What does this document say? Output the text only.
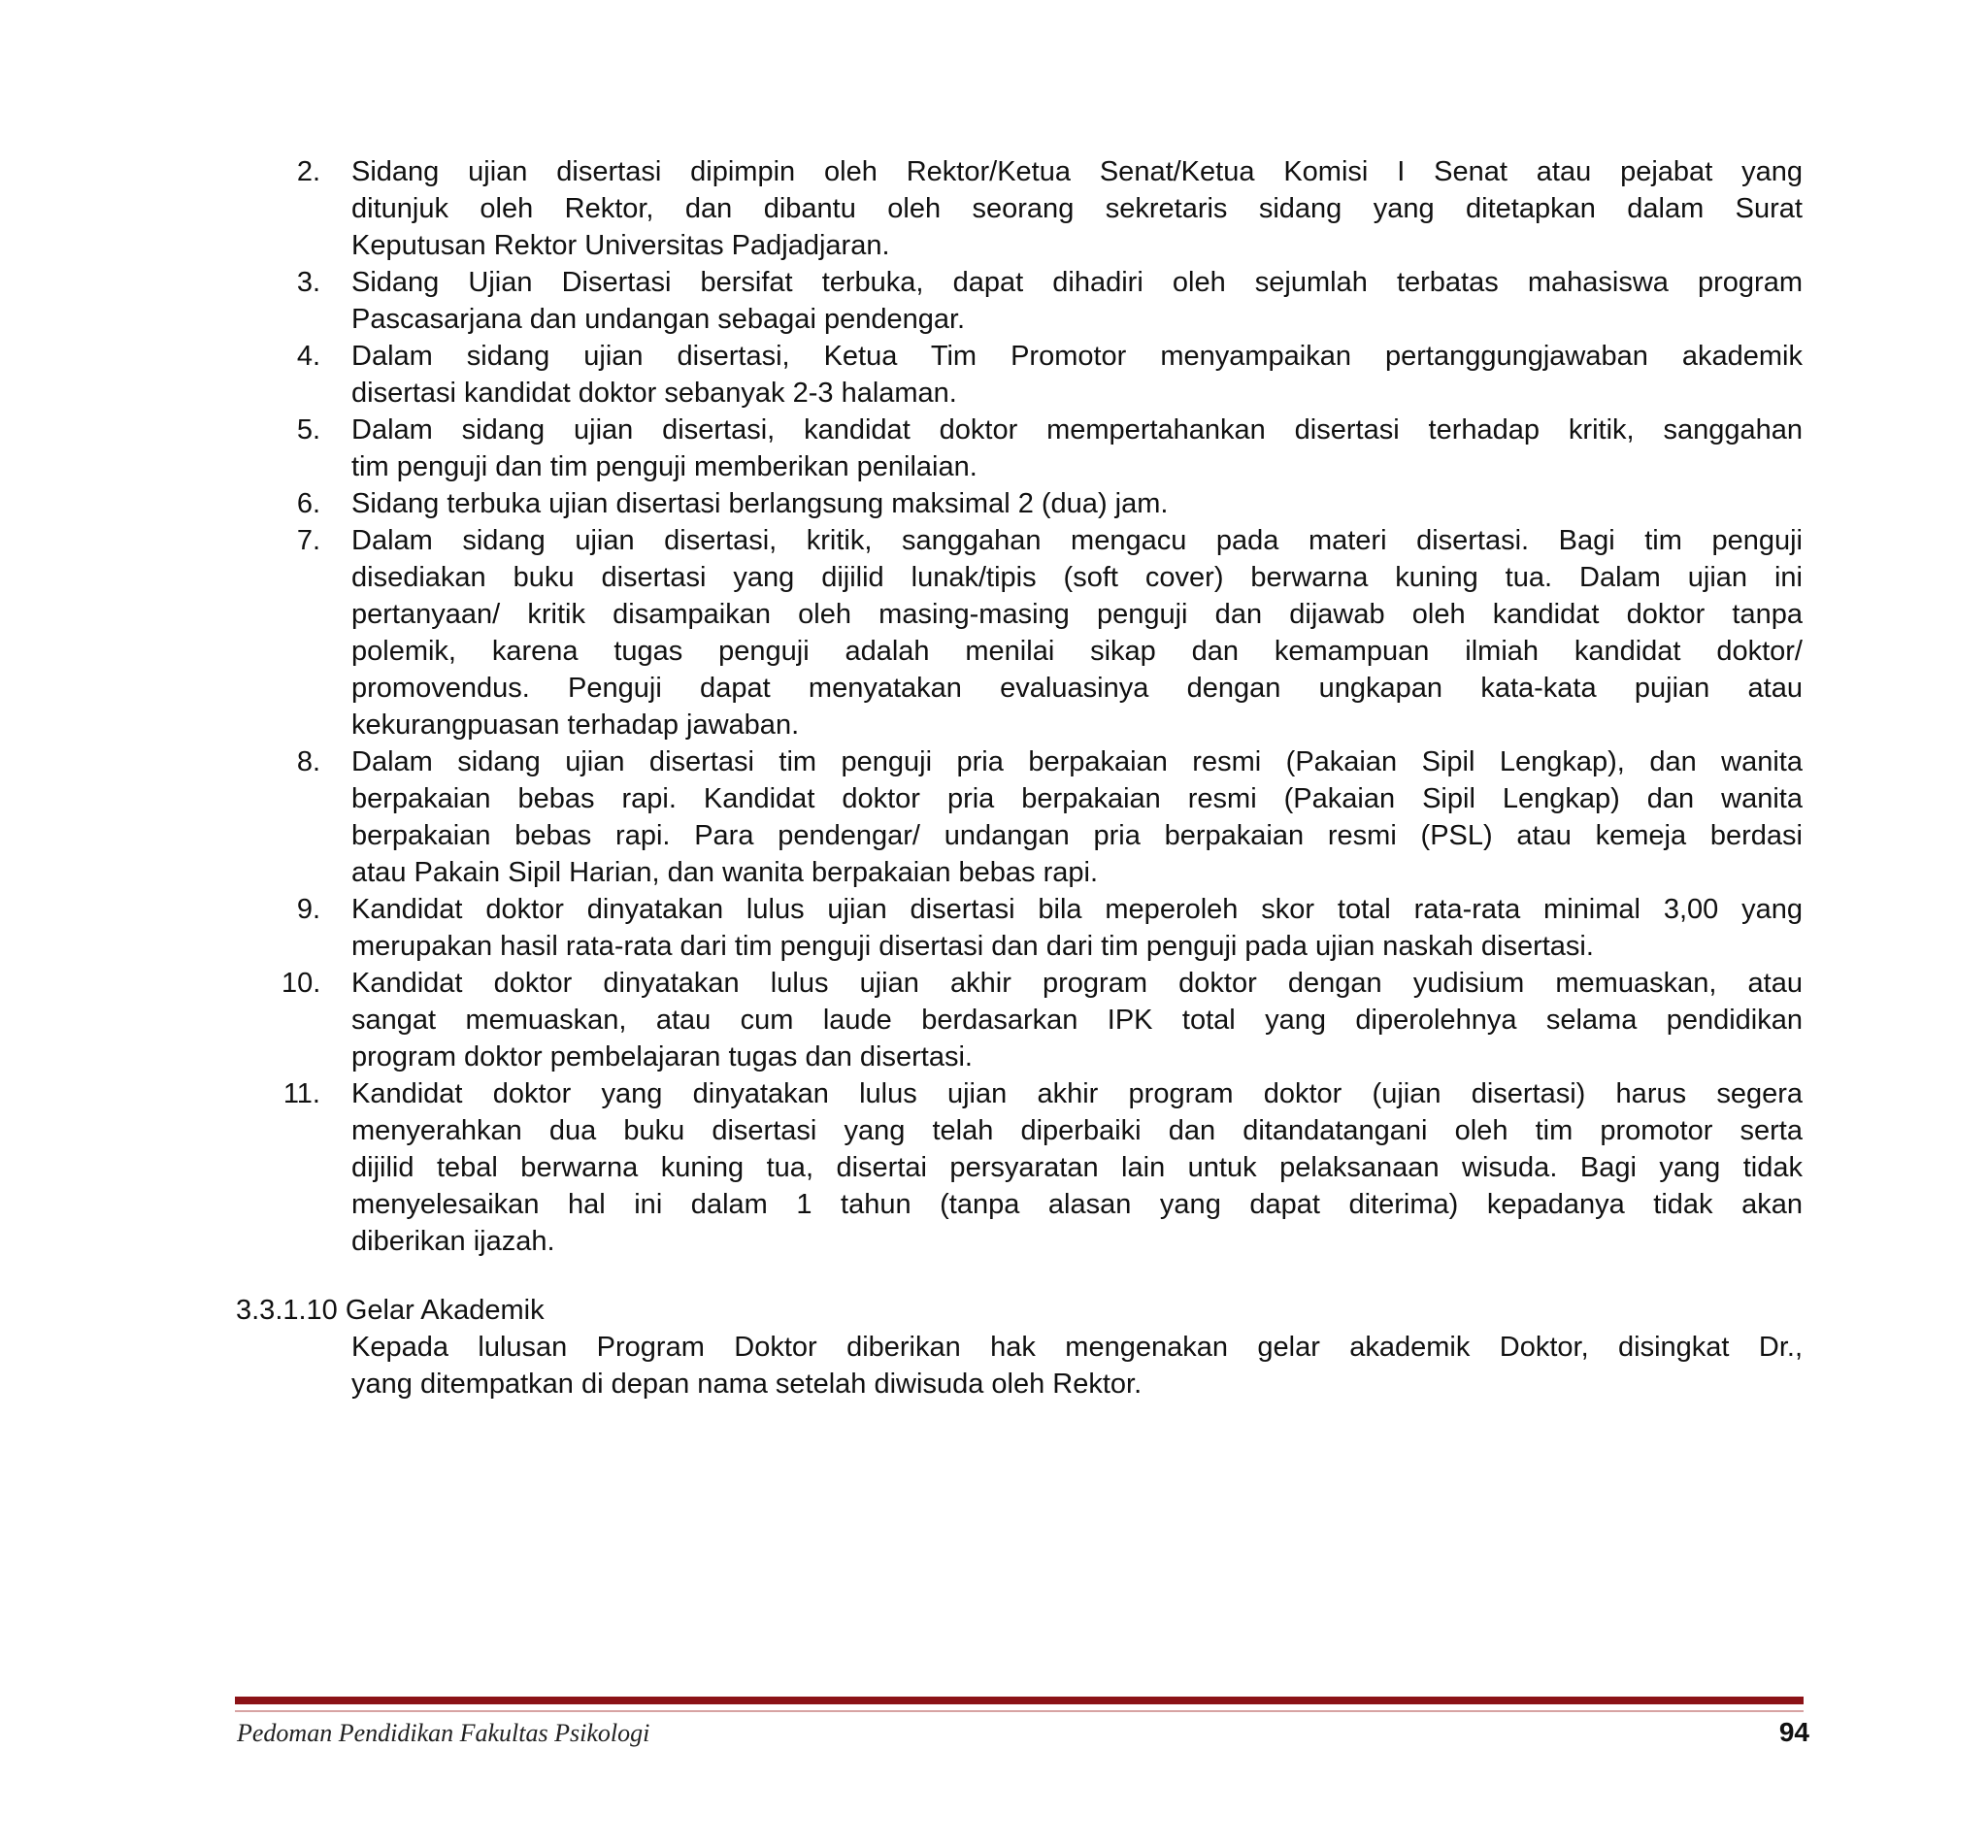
2. Sidang ujian disertasi dipimpin oleh Rektor/Ketua Senat/Ketua Komisi I Senat atau pejabat yang
ditunjuk oleh Rektor, dan dibantu oleh seorang sekretaris sidang yang ditetapkan dalam Surat
Keputusan Rektor Universitas Padjadjaran.

3. Sidang Ujian Disertasi bersifat terbuka, dapat dihadiri oleh sejumlah terbatas mahasiswa program
Pascasarjana dan undangan sebagai pendengar.

4. Dalam sidang ujian disertasi, Ketua Tim Promotor menyampaikan pertanggungjawaban akademik
disertasi kandidat doktor sebanyak 2-3 halaman.

5. Dalam sidang ujian disertasi, kandidat doktor mempertahankan disertasi terhadap kritik, sanggahan
tim penguji dan tim penguji memberikan penilaian.

6. Sidang terbuka ujian disertasi berlangsung maksimal 2 (dua) jam.

7. Dalam sidang ujian disertasi, kritik, sanggahan mengacu pada materi disertasi. Bagi tim penguji
disediakan buku disertasi yang dijilid lunak/tipis (soft cover) berwarna kuning tua. Dalam ujian ini
pertanyaan/ kritik disampaikan oleh masing-masing penguji dan dijawab oleh kandidat doktor tanpa
polemik, karena tugas penguji adalah menilai sikap dan kemampuan ilmiah kandidat doktor/
promovendus. Penguji dapat menyatakan evaluasinya dengan ungkapan kata-kata pujian atau
kekurangpuasan terhadap jawaban.

8. Dalam sidang ujian disertasi tim penguji pria berpakaian resmi (Pakaian Sipil Lengkap), dan wanita
berpakaian bebas rapi. Kandidat doktor pria berpakaian resmi (Pakaian Sipil Lengkap) dan wanita
berpakaian bebas rapi. Para pendengar/ undangan pria berpakaian resmi (PSL) atau kemeja berdasi
atau Pakain Sipil Harian, dan wanita berpakaian bebas rapi.

9. Kandidat doktor dinyatakan lulus ujian disertasi bila meperoleh skor total rata-rata minimal 3,00 yang
merupakan hasil rata-rata dari tim penguji disertasi dan dari tim penguji pada ujian naskah disertasi.

10. Kandidat doktor dinyatakan lulus ujian akhir program doktor dengan yudisium memuaskan, atau
sangat memuaskan, atau cum laude berdasarkan IPK total yang diperolehnya selama pendidikan
program doktor pembelajaran tugas dan disertasi.

11. Kandidat doktor yang dinyatakan lulus ujian akhir program doktor (ujian disertasi) harus segera
menyerahkan dua buku disertasi yang telah diperbaiki dan ditandatangani oleh tim promotor serta
dijilid tebal berwarna kuning tua, disertai persyaratan lain untuk pelaksanaan wisuda. Bagi yang tidak
menyelesaikan hal ini dalam 1 tahun (tanpa alasan yang dapat diterima) kepadanya tidak akan
diberikan ijazah.

3.3.1.10 Gelar Akademik

Kepada lulusan Program Doktor diberikan hak mengenakan gelar akademik Doktor, disingkat Dr.,
yang ditempatkan di depan nama setelah diwisuda oleh Rektor.

Pedoman Pendidikan Fakultas Psikologi	94
